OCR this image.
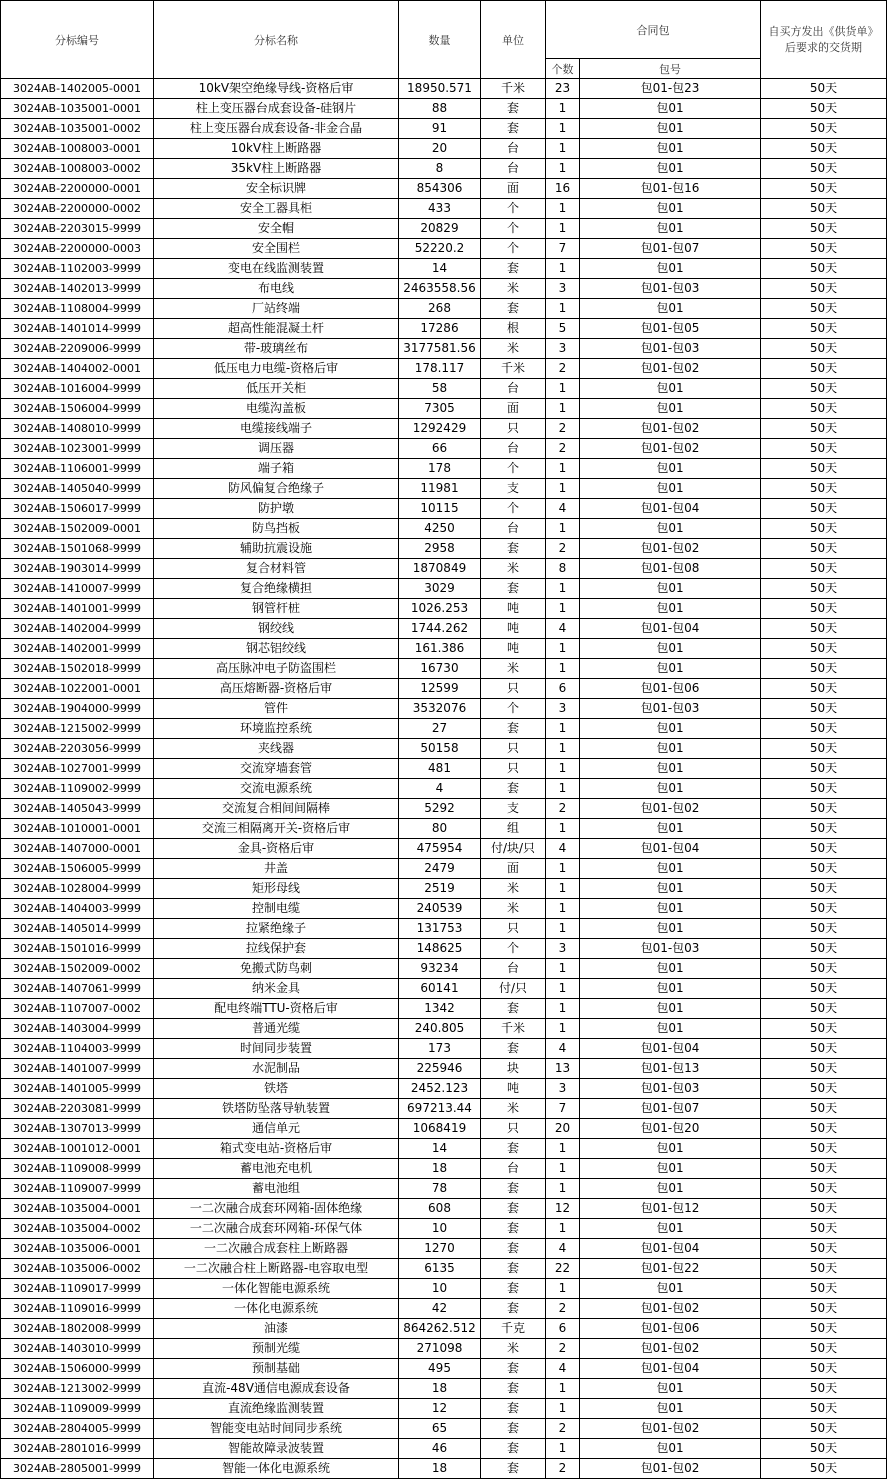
分标编号	分标名称	数量	单位	合同包		自买方发出《供货单》后要求的交货期
				个数	包号	
3024AB-1402005-0001	10kV架空绝缘导线-资格后审	18950.571	千米	23	包01-包23	50天
3024AB-1035001-0001	柱上变压器台成套设备-硅钢片	88	套	1	包01	50天
3024AB-1035001-0002	柱上变压器台成套设备-非金合晶	91	套	1	包01	50天
3024AB-1008003-0001	10kV柱上断路器	20	台	1	包01	50天
3024AB-1008003-0002	35kV柱上断路器	8	台	1	包01	50天
3024AB-2200000-0001	安全标识牌	854306	面	16	包01-包16	50天
3024AB-2200000-0002	安全工器具柜	433	个	1	包01	50天
3024AB-2203015-9999	安全帽	20829	个	1	包01	50天
3024AB-2200000-0003	安全围栏	52220.2	个	7	包01-包07	50天
3024AB-1102003-9999	变电在线监测装置	14	套	1	包01	50天
3024AB-1402013-9999	布电线	2463558.56	米	3	包01-包03	50天
3024AB-1108004-9999	厂站终端	268	套	1	包01	50天
3024AB-1401014-9999	超高性能混凝土杆	17286	根	5	包01-包05	50天
3024AB-2209006-9999	带-玻璃丝布	3177581.56	米	3	包01-包03	50天
3024AB-1404002-0001	低压电力电缆-资格后审	178.117	千米	2	包01-包02	50天
3024AB-1016004-9999	低压开关柜	58	台	1	包01	50天
3024AB-1506004-9999	电缆沟盖板	7305	面	1	包01	50天
3024AB-1408010-9999	电缆接线端子	1292429	只	2	包01-包02	50天
3024AB-1023001-9999	调压器	66	台	2	包01-包02	50天
3024AB-1106001-9999	端子箱	178	个	1	包01	50天
3024AB-1405040-9999	防风偏复合绝缘子	11981	支	1	包01	50天
3024AB-1506017-9999	防护墩	10115	个	4	包01-包04	50天
3024AB-1502009-0001	防鸟挡板	4250	台	1	包01	50天
3024AB-1501068-9999	辅助抗震设施	2958	套	2	包01-包02	50天
3024AB-1903014-9999	复合材料管	1870849	米	8	包01-包08	50天
3024AB-1410007-9999	复合绝缘横担	3029	套	1	包01	50天
3024AB-1401001-9999	钢管杆桩	1026.253	吨	1	包01	50天
3024AB-1402004-9999	钢绞线	1744.262	吨	4	包01-包04	50天
3024AB-1402001-9999	钢芯铝绞线	161.386	吨	1	包01	50天
3024AB-1502018-9999	高压脉冲电子防盗围栏	16730	米	1	包01	50天
3024AB-1022001-0001	高压熔断器-资格后审	12599	只	6	包01-包06	50天
3024AB-1904000-9999	管件	3532076	个	3	包01-包03	50天
3024AB-1215002-9999	环境监控系统	27	套	1	包01	50天
3024AB-2203056-9999	夹线器	50158	只	1	包01	50天
3024AB-1027001-9999	交流穿墙套管	481	只	1	包01	50天
3024AB-1109002-9999	交流电源系统	4	套	1	包01	50天
3024AB-1405043-9999	交流复合相间间隔棒	5292	支	2	包01-包02	50天
3024AB-1010001-0001	交流三相隔离开关-资格后审	80	组	1	包01	50天
3024AB-1407000-0001	金具-资格后审	475954	付/块/只	4	包01-包04	50天
3024AB-1506005-9999	井盖	2479	面	1	包01	50天
3024AB-1028004-9999	矩形母线	2519	米	1	包01	50天
3024AB-1404003-9999	控制电缆	240539	米	1	包01	50天
3024AB-1405014-9999	拉紧绝缘子	131753	只	1	包01	50天
3024AB-1501016-9999	拉线保护套	148625	个	3	包01-包03	50天
3024AB-1502009-0002	免搬式防鸟刺	93234	台	1	包01	50天
3024AB-1407061-9999	纳米金具	60141	付/只	1	包01	50天
3024AB-1107007-0002	配电终端TTU-资格后审	1342	套	1	包01	50天
3024AB-1403004-9999	普通光缆	240.805	千米	1	包01	50天
3024AB-1104003-9999	时间同步装置	173	套	4	包01-包04	50天
3024AB-1401007-9999	水泥制品	225946	块	13	包01-包13	50天
3024AB-1401005-9999	铁塔	2452.123	吨	3	包01-包03	50天
3024AB-2203081-9999	铁塔防坠落导轨装置	697213.44	米	7	包01-包07	50天
3024AB-1307013-9999	通信单元	1068419	只	20	包01-包20	50天
3024AB-1001012-0001	箱式变电站-资格后审	14	套	1	包01	50天
3024AB-1109008-9999	蓄电池充电机	18	台	1	包01	50天
3024AB-1109007-9999	蓄电池组	78	套	1	包01	50天
3024AB-1035004-0001	一二次融合成套环网箱-固体绝缘	608	套	12	包01-包12	50天
3024AB-1035004-0002	一二次融合成套环网箱-环保气体	10	套	1	包01	50天
3024AB-1035006-0001	一二次融合成套柱上断路器	1270	套	4	包01-包04	50天
3024AB-1035006-0002	一二次融合柱上断路器-电容取电型	6135	套	22	包01-包22	50天
3024AB-1109017-9999	一体化智能电源系统	10	套	1	包01	50天
3024AB-1109016-9999	一体化电源系统	42	套	2	包01-包02	50天
3024AB-1802008-9999	油漆	864262.512	千克	6	包01-包06	50天
3024AB-1403010-9999	预制光缆	271098	米	2	包01-包02	50天
3024AB-1506000-9999	预制基础	495	套	4	包01-包04	50天
3024AB-1213002-9999	直流-48V通信电源成套设备	18	套	1	包01	50天
3024AB-1109009-9999	直流绝缘监测装置	12	套	1	包01	50天
3024AB-2804005-9999	智能变电站时间同步系统	65	套	2	包01-包02	50天
3024AB-2801016-9999	智能故障录波装置	46	套	1	包01	50天
3024AB-2805001-9999	智能一体化电源系统	18	套	2	包01-包02	50天
